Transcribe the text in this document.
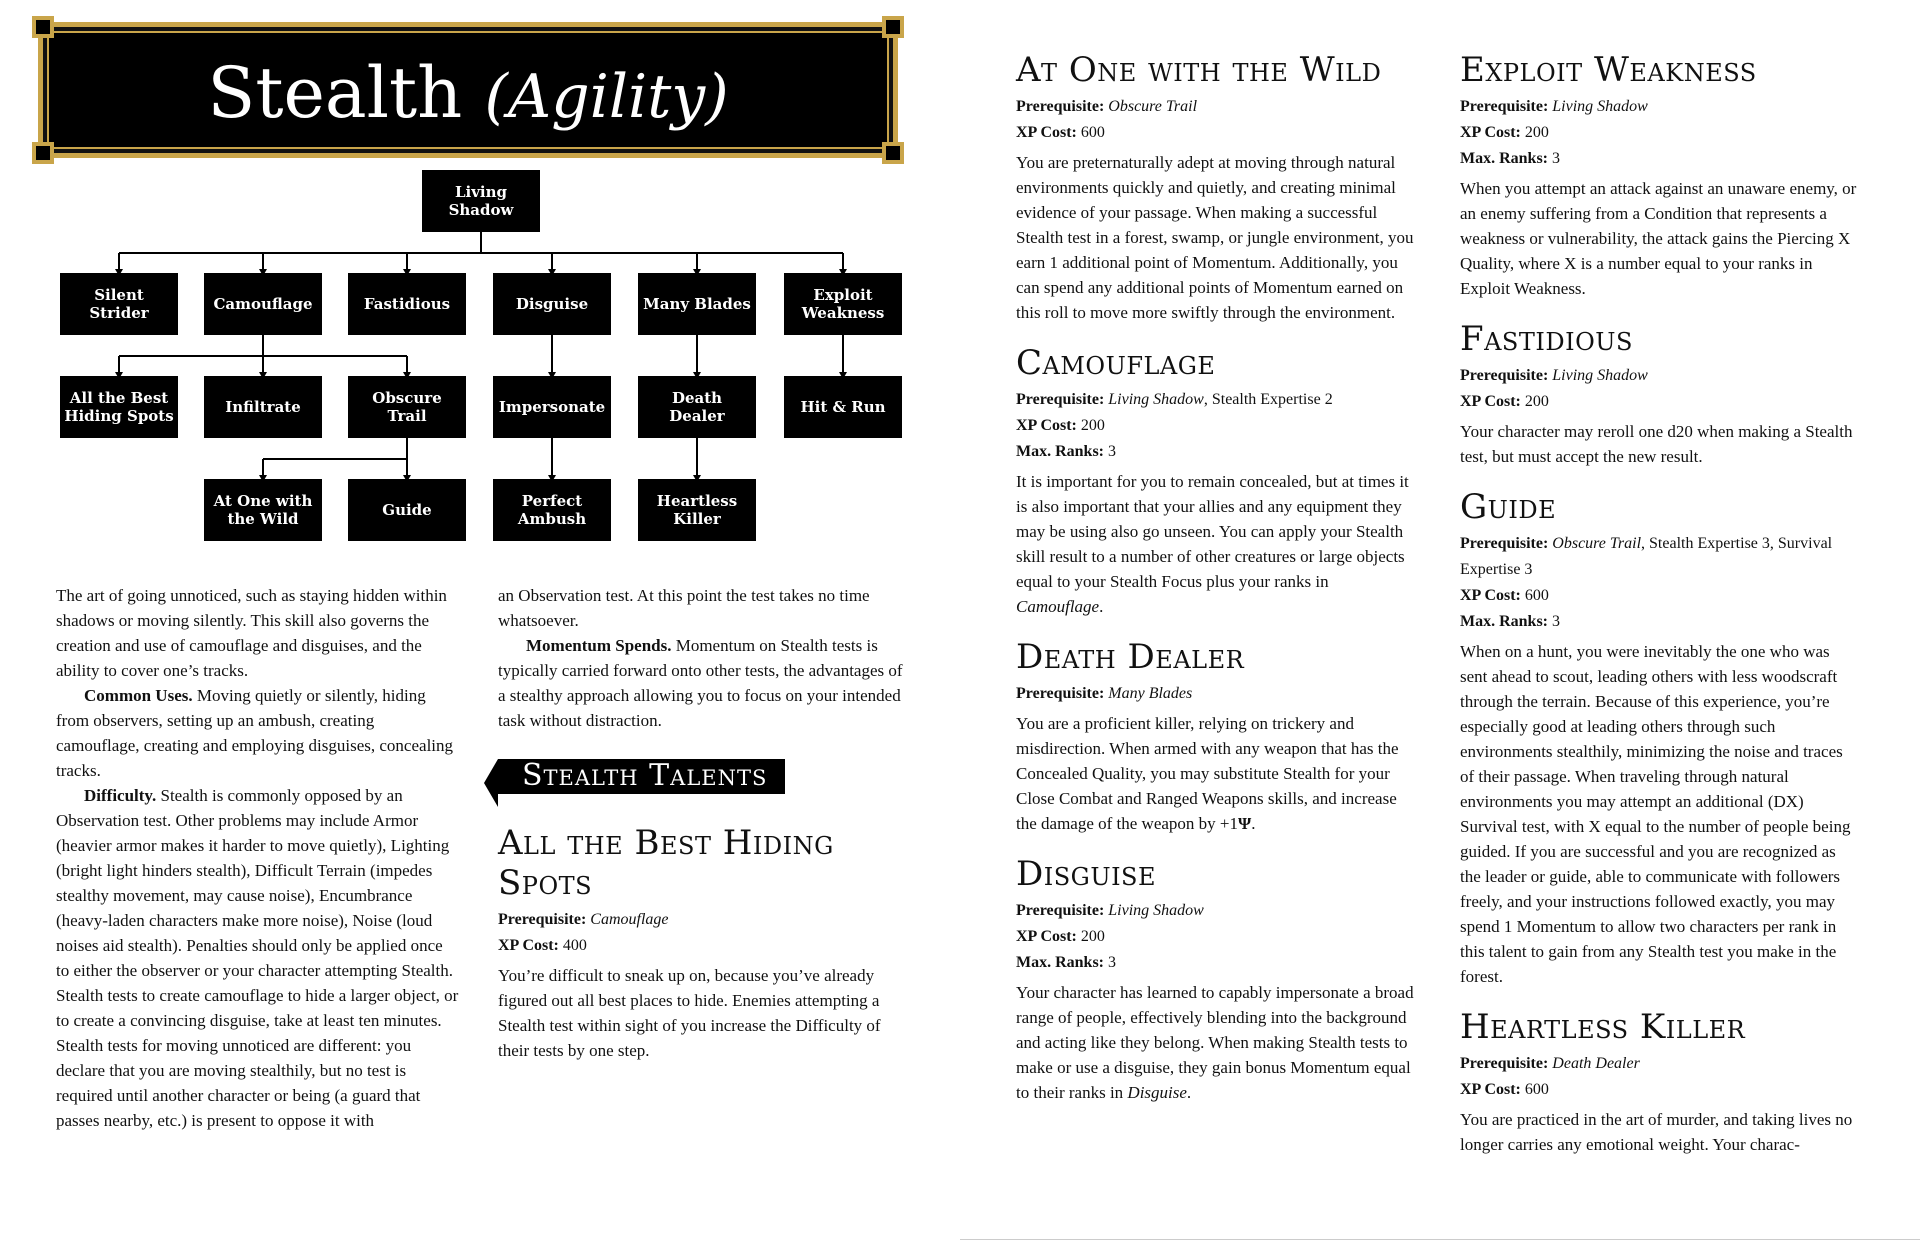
Stealth (Agility)
Living Shadow
Silent Strider	Camouflage	Fastidious	Disguise	Many Blades	Exploit Weakness
All the Best Hiding Spots	Infiltrate	Obscure Trail	Impersonate	Death Dealer	Hit & Run
At One with the Wild	Guide	Perfect Ambush
Heartless Killer

The art of going unnoticed, such as staying hidden within shadows or moving silently. This skill also governs the creation and use of camouflage and disguises, and the ability to cover one’s tracks.

Common Uses. Moving quietly or silently, hiding from observers, setting up an ambush, creating camouflage, creating and employing disguises, concealing tracks.

Difficulty. Stealth is commonly opposed by an Observation test. Other problems may include Armor (heavier armor makes it harder to move quietly), Lighting (bright light hinders stealth), Difficult Terrain (impedes stealthy movement, may cause noise), Encumbrance (heavy-laden characters make more noise), Noise (loud noises aid stealth). Penalties should only be applied once to either the observer or your character attempting Stealth. Stealth tests to create camouflage to hide a larger object, or to create a convincing disguise, take at least ten minutes. Stealth tests for moving unnoticed are different: you declare that you are moving stealthily, but no test is required until another character or being (a guard that passes nearby, etc.) is present to oppose it with

an Observation test. At this point the test takes no time whatsoever.

Momentum Spends. Momentum on Stealth tests is typically carried forward onto other tests, the advantages of a stealthy approach allowing you to focus on your intended task without distraction.

Stealth Talents
All the Best Hiding Spots
Prerequisite: Camouflage
XP Cost: 400
You’re difficult to sneak up on, because you’ve already figured out all best places to hide. Enemies attempting a Stealth test within sight of you increase the Difficulty of their tests by one step.
At One with the Wild
Prerequisite: Obscure Trail
XP Cost: 600
You are preternaturally adept at moving through natural environments quickly and quietly, and creating minimal evidence of your passage. When making a successful Stealth test in a forest, swamp, or jungle environment, you earn 1 additional point of Momentum. Additionally, you can spend any additional points of Momentum earned on this roll to move more swiftly through the environment.
Camouflage
Prerequisite: Living Shadow, Stealth Expertise 2
XP Cost: 200
Max. Ranks: 3
It is important for you to remain concealed, but at times it is also important that your allies and any equipment they may be using also go unseen. You can apply your Stealth skill result to a number of other creatures or large objects equal to your Stealth Focus plus your ranks in Camouflage.
Death Dealer
Prerequisite: Many Blades
You are a proficient killer, relying on trickery and misdirection. When armed with any weapon that has the Concealed Quality, you may substitute Stealth for your Close Combat and Ranged Weapons skills, and increase the damage of the weapon by +1Ψ.
Disguise
Prerequisite: Living Shadow
XP Cost: 200
Max. Ranks: 3
Your character has learned to capably impersonate a broad range of people, effectively blending into the background and acting like they belong. When making Stealth tests to make or use a disguise, they gain bonus Momentum equal to their ranks in Disguise.
Exploit Weakness
Prerequisite: Living Shadow
XP Cost: 200
Max. Ranks: 3
When you attempt an attack against an unaware enemy, or an enemy suffering from a Condition that represents a weakness or vulnerability, the attack gains the Piercing X Quality, where X is a number equal to your ranks in Exploit Weakness.
Fastidious
Prerequisite: Living Shadow
XP Cost: 200
Your character may reroll one d20 when making a Stealth test, but must accept the new result.
Guide
Prerequisite: Obscure Trail, Stealth Expertise 3, Survival Expertise 3
XP Cost: 600
Max. Ranks: 3
When on a hunt, you were inevitably the one who was sent ahead to scout, leading others with less woodscraft through the terrain. Because of this experience, you’re especially good at leading others through such environments stealthily, minimizing the noise and traces of their passage. When traveling through natural environments you may attempt an additional (DX) Survival test, with X equal to the number of people being guided. If you are successful and you are recognized as the leader or guide, able to communicate with followers freely, and your instructions followed exactly, you may spend 1 Momentum to allow two characters per rank in this talent to gain from any Stealth test you make in the forest.
Heartless Killer
Prerequisite: Death Dealer
XP Cost: 600
You are practiced in the art of murder, and taking lives no longer carries any emotional weight. Your charac-
